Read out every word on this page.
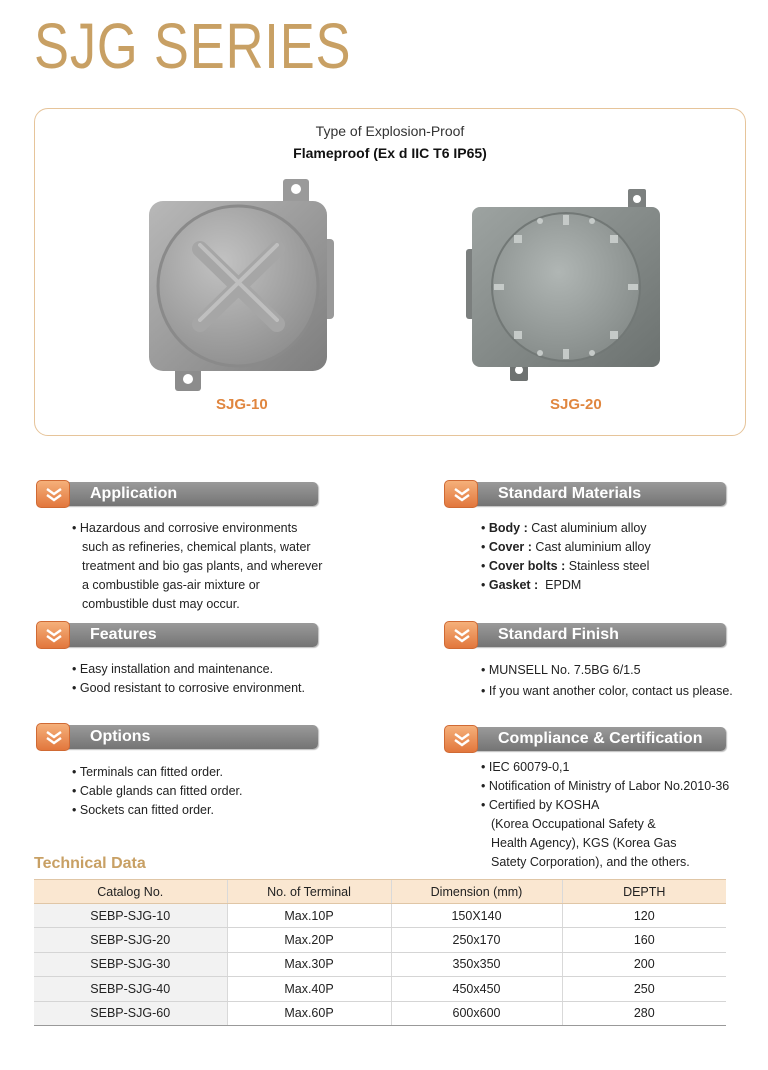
SJG SERIES
Type of Explosion-Proof
Flameproof (Ex d IIC T6 IP65)
SJG-10	SJG-20
Application
• Hazardous and corrosive environments such as refineries, chemical plants, water treatment and bio gas plants, and wherever a combustible gas-air mixture or combustible dust may occur.
Features
• Easy installation and maintenance.
• Good resistant to corrosive environment.
Options
• Terminals can fitted order.
• Cable glands can fitted order.
• Sockets can fitted order.
Standard Materials
• Body : Cast aluminium alloy
• Cover : Cast aluminium alloy
• Cover bolts : Stainless steel
• Gasket : EPDM
Standard Finish
• MUNSELL No. 7.5BG 6/1.5
• If you want another color, contact us please.
Compliance & Certification
• IEC 60079-0,1
• Notification of Ministry of Labor No.2010-36
• Certified by KOSHA
(Korea Occupational Safety &
Health Agency), KGS (Korea Gas
Satety Corporation), and the others.
Technical Data
Catalog No.	No. of Terminal	Dimension (mm)	DEPTH
SEBP-SJG-10	Max.10P	150X140	120
SEBP-SJG-20	Max.20P	250x170	160
SEBP-SJG-30	Max.30P	350x350	200
SEBP-SJG-40	Max.40P	450x450	250
SEBP-SJG-60	Max.60P	600x600	280
